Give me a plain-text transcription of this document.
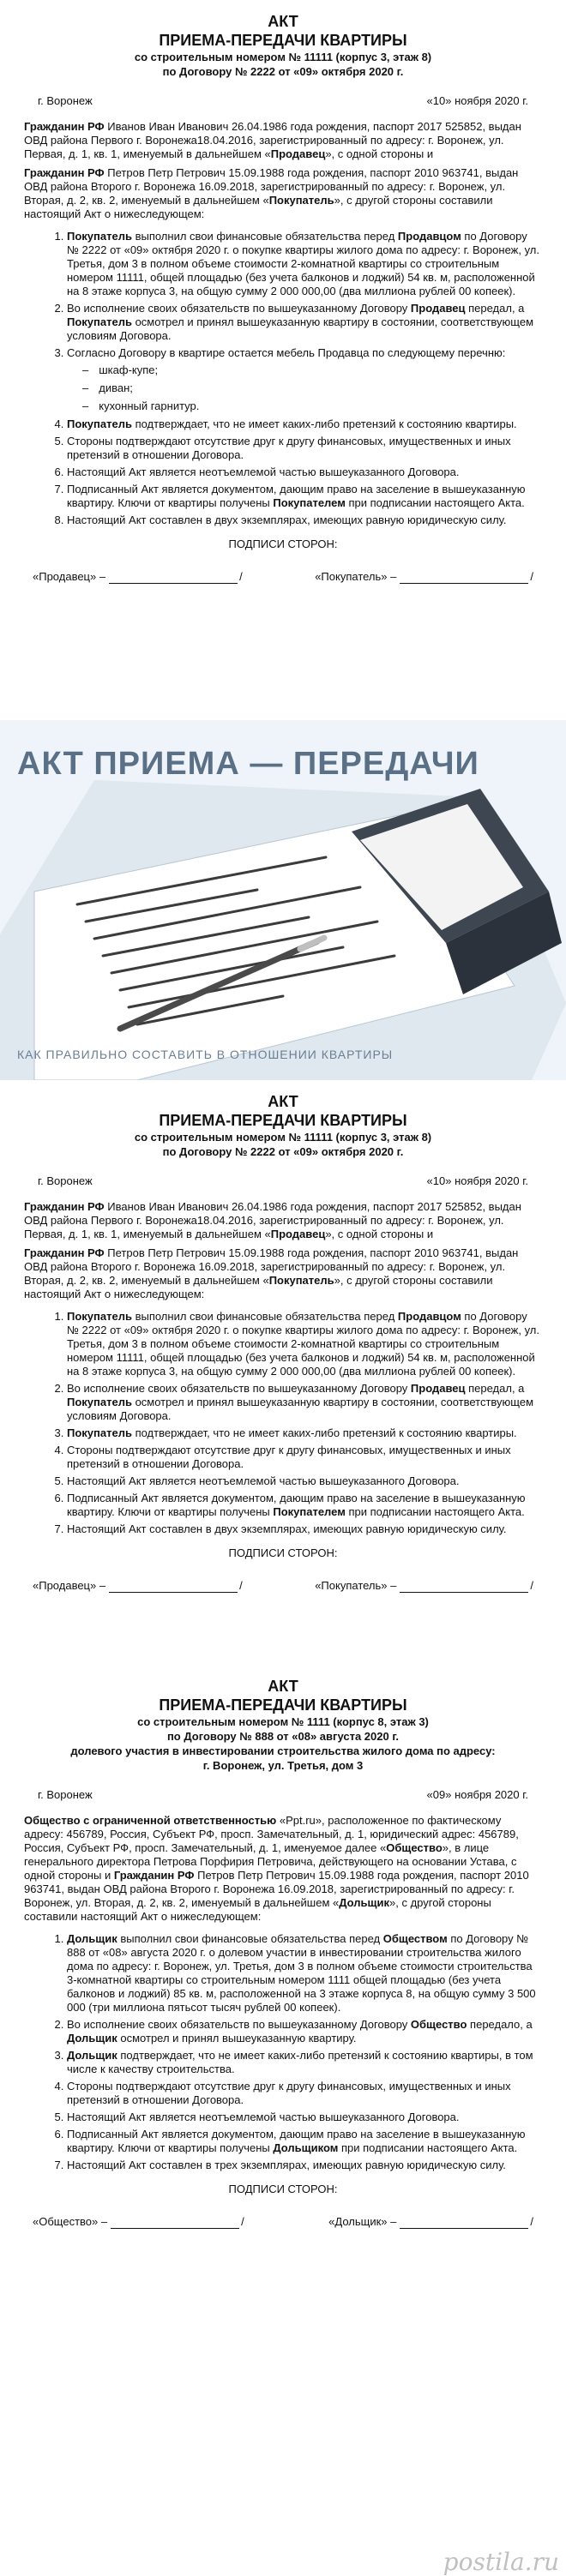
АКТ

ПРИЕМА-ПЕРЕДАЧИ КВАРТИРЫ

со строительным номером № 11111 (корпус 3, этаж 8)

по Договору № 2222 от «09» октября 2020 г.

г. Воронеж	«10» ноября 2020 г.

Гражданин РФ Иванов Иван Иванович 26.04.1986 года рождения, паспорт 2017 525852, выдан ОВД района Первого г. Воронежа18.04.2016, зарегистрированный по адресу: г. Воронеж, ул. Первая, д. 1, кв. 1, именуемый в дальнейшем «Продавец», с одной стороны и

Гражданин РФ Петров Петр Петрович 15.09.1988 года рождения, паспорт 2010 963741, выдан ОВД района Второго г. Воронежа 16.09.2018, зарегистрированный по адресу: г. Воронеж, ул. Вторая, д. 2, кв. 2, именуемый в дальнейшем «Покупатель», с другой стороны составили настоящий Акт о нижеследующем:

1. Покупатель выполнил свои финансовые обязательства перед Продавцом по Договору № 2222 от «09» октября 2020 г. о покупке квартиры жилого дома по адресу: г. Воронеж, ул. Третья, дом 3 в полном объеме стоимости 2-комнатной квартиры со строительным номером 11111, общей площадью (без учета балконов и лоджий) 54 кв. м, расположенной на 8 этаже корпуса 3, на общую сумму 2 000 000,00 (два миллиона рублей 00 копеек).
2. Во исполнение своих обязательств по вышеуказанному Договору Продавец передал, а Покупатель осмотрел и принял вышеуказанную квартиру в состоянии, соответствующем условиям Договора.
3. Согласно Договору в квартире остается мебель Продавца по следующему перечню:
– шкаф-купе;
– диван;
– кухонный гарнитур.
4. Покупатель подтверждает, что не имеет каких-либо претензий к состоянию квартиры.
5. Стороны подтверждают отсутствие друг к другу финансовых, имущественных и иных претензий в отношении Договора.
6. Настоящий Акт является неотъемлемой частью вышеуказанного Договора.
7. Подписанный Акт является документом, дающим право на заселение в вышеуказанную квартиру. Ключи от квартиры получены Покупателем при подписании настоящего Акта.
8. Настоящий Акт составлен в двух экземплярах, имеющих равную юридическую силу.

ПОДПИСИ СТОРОН:

«Продавец» –	/	«Покупатель» –	/
АКТ ПРИЕМА — ПЕРЕДАЧИ
КАК ПРАВИЛЬНО СОСТАВИТЬ В ОТНОШЕНИИ КВАРТИРЫ

АКТ

ПРИЕМА-ПЕРЕДАЧИ КВАРТИРЫ

со строительным номером № 11111 (корпус 3, этаж 8)

по Договору № 2222 от «09» октября 2020 г.

г. Воронеж	«10» ноября 2020 г.

Гражданин РФ Иванов Иван Иванович 26.04.1986 года рождения, паспорт 2017 525852, выдан ОВД района Первого г. Воронежа18.04.2016, зарегистрированный по адресу: г. Воронеж, ул. Первая, д. 1, кв. 1, именуемый в дальнейшем «Продавец», с одной стороны и

Гражданин РФ Петров Петр Петрович 15.09.1988 года рождения, паспорт 2010 963741, выдан ОВД района Второго г. Воронежа 16.09.2018, зарегистрированный по адресу: г. Воронеж, ул. Вторая, д. 2, кв. 2, именуемый в дальнейшем «Покупатель», с другой стороны составили настоящий Акт о нижеследующем:

1. Покупатель выполнил свои финансовые обязательства перед Продавцом по Договору № 2222 от «09» октября 2020 г. о покупке квартиры жилого дома по адресу: г. Воронеж, ул. Третья, дом 3 в полном объеме стоимости 2-комнатной квартиры со строительным номером 11111, общей площадью (без учета балконов и лоджий) 54 кв. м, расположенной на 8 этаже корпуса 3, на общую сумму 2 000 000,00 (два миллиона рублей 00 копеек).
2. Во исполнение своих обязательств по вышеуказанному Договору Продавец передал, а Покупатель осмотрел и принял вышеуказанную квартиру в состоянии, соответствующем условиям Договора.
3. Покупатель подтверждает, что не имеет каких-либо претензий к состоянию квартиры.
4. Стороны подтверждают отсутствие друг к другу финансовых, имущественных и иных претензий в отношении Договора.
5. Настоящий Акт является неотъемлемой частью вышеуказанного Договора.
6. Подписанный Акт является документом, дающим право на заселение в вышеуказанную квартиру. Ключи от квартиры получены Покупателем при подписании настоящего Акта.
7. Настоящий Акт составлен в двух экземплярах, имеющих равную юридическую силу.

ПОДПИСИ СТОРОН:

«Продавец» –	/	«Покупатель» –	/

АКТ

ПРИЕМА-ПЕРЕДАЧИ КВАРТИРЫ

со строительным номером № 1111 (корпус 8, этаж 3)

по Договору № 888 от «08» августа 2020 г.

долевого участия в инвестировании строительства жилого дома по адресу:

г. Воронеж, ул. Третья, дом 3

г. Воронеж	«09» ноября 2020 г.

Общество с ограниченной ответственностью «Ppt.ru», расположенное по фактическому адресу: 456789, Россия, Субъект РФ, просп. Замечательный, д. 1, юридический адрес: 456789, Россия, Субъект РФ, просп. Замечательный, д. 1, именуемое далее «Общество», в лице генерального директора Петрова Порфирия Петровича, действующего на основании Устава, с одной стороны и Гражданин РФ Петров Петр Петрович 15.09.1988 года рождения, паспорт 2010 963741, выдан ОВД района Второго г. Воронежа 16.09.2018, зарегистрированный по адресу: г. Воронеж, ул. Вторая, д. 2, кв. 2, именуемый в дальнейшем «Дольщик», с другой стороны составили настоящий Акт о нижеследующем:

1. Дольщик выполнил свои финансовые обязательства перед Обществом по Договору № 888 от «08» августа 2020 г. о долевом участии в инвестировании строительства жилого дома по адресу: г. Воронеж, ул. Третья, дом 3 в полном объеме стоимости строительства 3-комнатной квартиры со строительным номером 1111 общей площадью (без учета балконов и лоджий) 85 кв. м, расположенной на 3 этаже корпуса 8, на общую сумму 3 500 000 (три миллиона пятьсот тысяч рублей 00 копеек).
2. Во исполнение своих обязательств по вышеуказанному Договору Общество передало, а Дольщик осмотрел и принял вышеуказанную квартиру.
3. Дольщик подтверждает, что не имеет каких-либо претензий к состоянию квартиры, в том числе к качеству строительства.
4. Стороны подтверждают отсутствие друг к другу финансовых, имущественных и иных претензий в отношении Договора.
5. Настоящий Акт является неотъемлемой частью вышеуказанного Договора.
6. Подписанный Акт является документом, дающим право на заселение в вышеуказанную квартиру. Ключи от квартиры получены Дольщиком при подписании настоящего Акта.
7. Настоящий Акт составлен в трех экземплярах, имеющих равную юридическую силу.

ПОДПИСИ СТОРОН:

«Общество» –	/	«Дольщик» –	/
postila.ru
